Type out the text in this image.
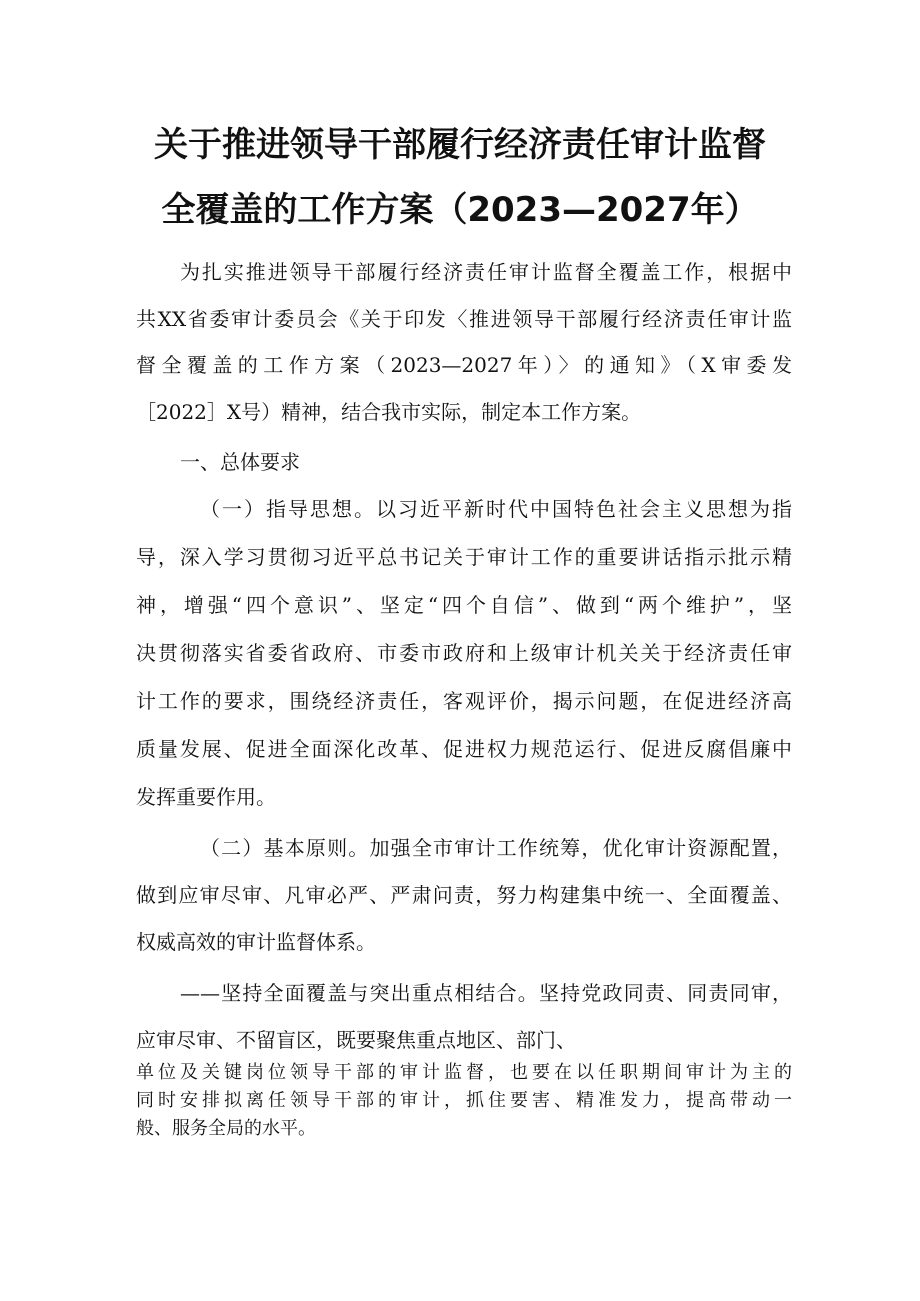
关于推进领导干部履行经济责任审计监督
全覆盖的工作方案（2023—2027年）
为扎实推进领导干部履行经济责任审计监督全覆盖工作，根据中
共XX省委审计委员会《关于印发〈推进领导干部履行经济责任审计监
督全覆盖的工作方案（2023—2027年）〉的通知》（X审委发
［2022］X号）精神，结合我市实际，制定本工作方案。
一、总体要求
（一）指导思想。以习近平新时代中国特色社会主义思想为指
导，深入学习贯彻习近平总书记关于审计工作的重要讲话指示批示精
神，增强“四个意识”、坚定“四个自信”、做到“两个维护”，坚
决贯彻落实省委省政府、市委市政府和上级审计机关关于经济责任审
计工作的要求，围绕经济责任，客观评价，揭示问题，在促进经济高
质量发展、促进全面深化改革、促进权力规范运行、促进反腐倡廉中
发挥重要作用。
（二）基本原则。加强全市审计工作统筹，优化审计资源配置，
做到应审尽审、凡审必严、严肃问责，努力构建集中统一、全面覆盖、
权威高效的审计监督体系。
——坚持全面覆盖与突出重点相结合。坚持党政同责、同责同审，
应审尽审、不留盲区，既要聚焦重点地区、部门、
单位及关键岗位领导干部的审计监督，也要在以任职期间审计为主的
同时安排拟离任领导干部的审计，抓住要害、精准发力，提高带动一
般、服务全局的水平。
